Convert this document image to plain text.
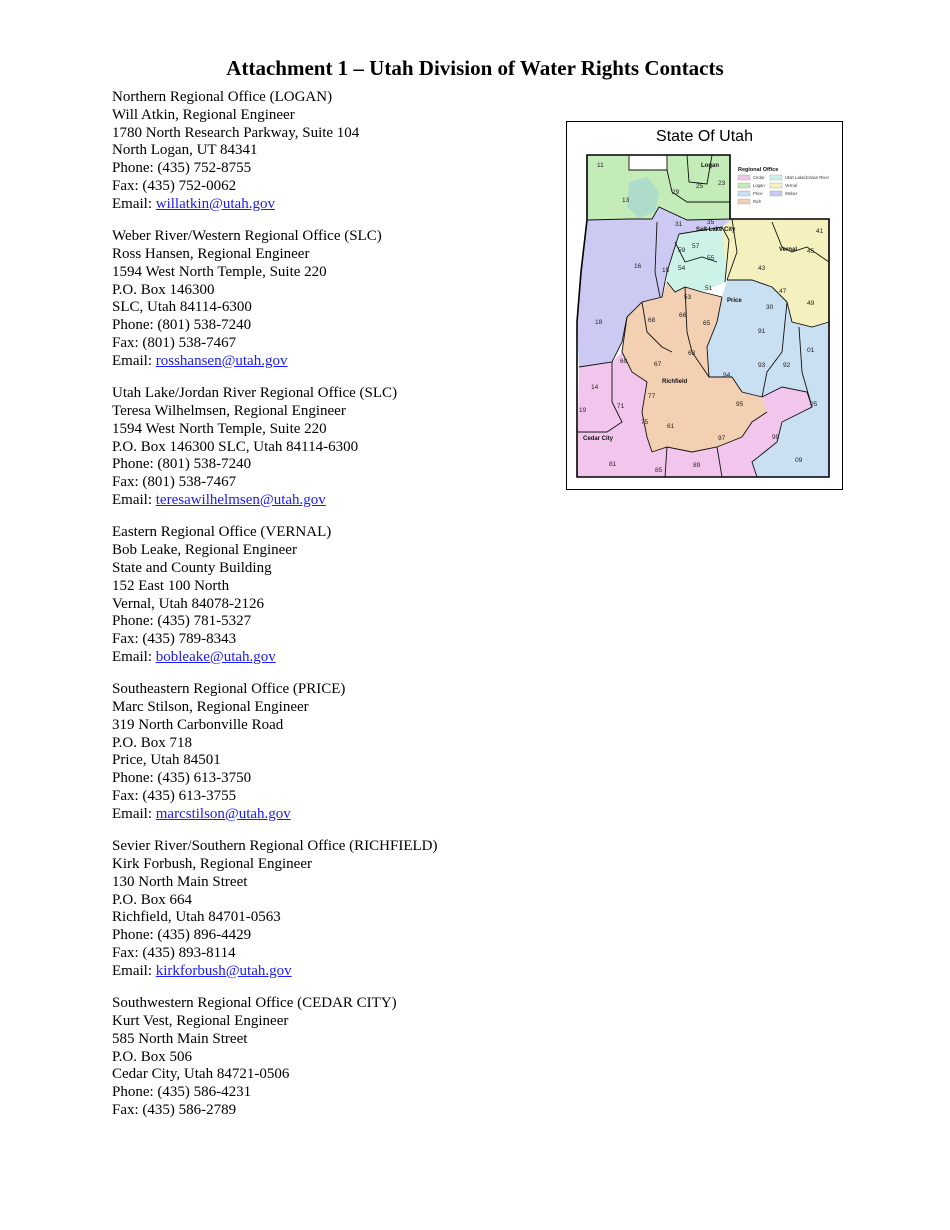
Attachment 1 – Utah Division of Water Rights Contacts
Northern Regional Office (LOGAN)
Will Atkin, Regional Engineer
1780 North Research Parkway, Suite 104
North Logan, UT 84341
Phone: (435) 752-8755
Fax: (435) 752-0062
Email: willatkin@utah.gov
Weber River/Western Regional Office (SLC)
Ross Hansen, Regional Engineer
1594 West North Temple, Suite 220
P.O. Box 146300
SLC, Utah 84114-6300
Phone: (801) 538-7240
Fax: (801) 538-7467
Email: rosshansen@utah.gov
Utah Lake/Jordan River Regional Office (SLC)
Teresa Wilhelmsen, Regional Engineer
1594 West North Temple, Suite 220
P.O. Box 146300 SLC, Utah 84114-6300
Phone: (801) 538-7240
Fax: (801) 538-7467
Email: teresawilhelmsen@utah.gov
Eastern Regional Office (VERNAL)
Bob Leake, Regional Engineer
State and County Building
152 East 100 North
Vernal, Utah 84078-2126
Phone: (435) 781-5327
Fax: (435) 789-8343
Email: bobleake@utah.gov
Southeastern Regional Office (PRICE)
Marc Stilson, Regional Engineer
319 North Carbonville Road
P.O. Box 718
Price, Utah 84501
Phone: (435) 613-3750
Fax: (435) 613-3755
Email: marcstilson@utah.gov
Sevier River/Southern Regional Office (RICHFIELD)
Kirk Forbush, Regional Engineer
130 North Main Street
P.O. Box 664
Richfield, Utah 84701-0563
Phone: (435) 896-4429
Fax: (435) 893-8114
Email: kirkforbush@utah.gov
Southwestern Regional Office (CEDAR CITY)
Kurt Vest, Regional Engineer
585 North Main Street
P.O. Box 506
Cedar City, Utah 84721-0506
Phone: (435) 586-4231
Fax: (435) 586-2789
State Of Utah
11
13
29
25 23
31	35
57
59
55
15
16	54
41
45
43
53
51	47
66
65
68
49
30
91
18
63
67
69
92
01
93
94
14
77
95	05
19
71
75
61
97	99
09
81
85
89
Logan
Salt Lake City
Vernal
Price
Richfield
Cedar City
Regional Office
Cedar	Utah Lake/Jordan River
Logan	Vernal
Price	Weber
Rich
